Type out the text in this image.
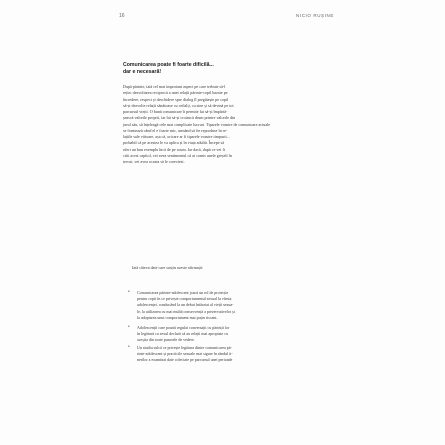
16	NICIO RUȘINE
Comunicarea poate fi foarte dificilă...
dar e necesară!
După părinte, iată cel mai important aspect pe care trebuie să-l
rețin: dezvoltarea reciprocă a unei relații părinte-copil bazate pe
încredere, respect și deschidere spre dialog îl pregătește pe copil
să-și dezvolte relații sănătoase cu ceilalți, cu sine și să devină pe tot
parcursul vieții. O bună comunicare îi permite lui să-și împărtă-
șească valorile proprii, iar lui să-și croiască drum printre valorile din
jurul său, să înțeleagă cele mai complicate lucruri. Tiparele voastre de comunicare actuale
se formează când el e foarte mic, urmând să fie reproduse în re-
lațiile sale viitoare, așa că, oricare ar fi tiparele voastre timpurii...
probabil că pe acestea le va aplica și în viața adultă. Începe să
oferi un bun exemplu încă de pe acum. Iar dacă, după ce vei fi
citit acest capitol, vei avea sentimentul că ai comis unele greșeli în
trecut, vei avea ocazia să le corectezi.
Iată câteva date care susțin aceste afirmații:
• Comunicarea părinte-adolescent joacă un rol de protecție
pentru copii în ce privește comportamentul sexual la vârsta
adolescenței, conducând la un debut întârziat al vieții sexua-
le, la utilizarea cu mai multă consecvență a prezervativelor și
la adoptarea unui comportament mai puțin riscant.
• Adolescenții care poartă regulat conversații cu părinții lor
în legătură cu sexul declară că au relații mai apropiate cu
aceștia din toate punctele de vedere.
• Un studiu sulcă ce privește legătura dintre comunicarea pă-
rinte-adolescent și practicile sexuale mai sigure în rândul ti-
nerilor a examinat date colectate pe parcursul unei perioade
